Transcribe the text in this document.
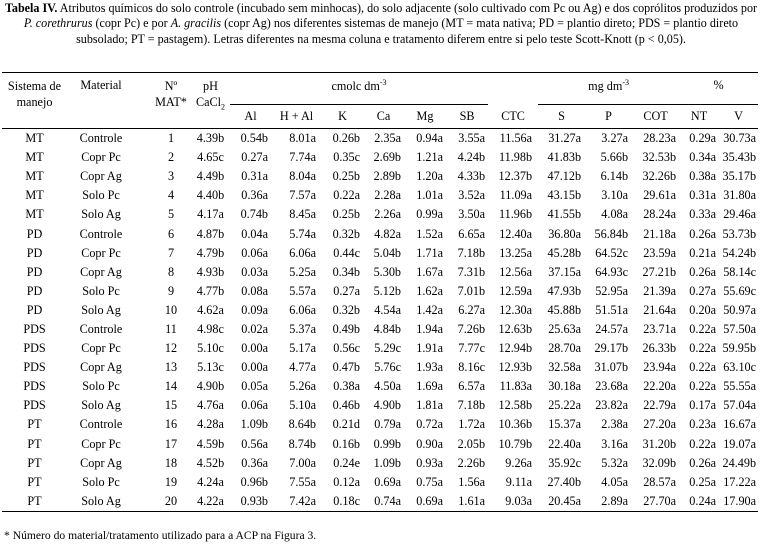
Tabela IV. Atributos químicos do solo controle (incubado sem minhocas), do solo adjacente (solo cultivado com Pc ou Ag) e dos coprólitos produzidos por P. corethrurus (copr Pc) e por A. gracilis (copr Ag) nos diferentes sistemas de manejo (MT = mata nativa; PD = plantio direto; PDS = plantio direto subsolado; PT = pastagem). Letras diferentes na mesma coluna e tratamento diferem entre si pelo teste Scott-Knott (p < 0,05).
Sistema de manejo	Material	Nº MAT*	pH CaCl$_2$	cmolc $dm^{-3}$							mg $dm^{-3}$			%	
				Al	H + Al	K	Ca	Mg	SB	CTC	S	P	COT	NT	V
MT	Controle	1	4.39b	0.54b	8.01a	0.26b	2.35a	0.94a	3.55a	11.56a	31.27a	3.27a	28.23a	0.29a	30.73a
MT	Copr Pc	2	4.65c	0.27a	7.74a	0.35c	2.69b	1.21a	4.24b	11.98b	41.83b	5.66b	32.53b	0.34a	35.43b
MT	Copr Ag	3	4.49b	0.31a	8.04a	0.25b	2.89b	1.20a	4.33b	12.37b	47.12b	6.14b	32.26b	0.38a	35.17b
MT	Solo Pc	4	4.40b	0.36a	7.57a	0.22a	2.28a	1.01a	3.52a	11.09a	43.15b	3.10a	29.61a	0.31a	31.80a
MT	Solo Ag	5	4.17a	0.74b	8.45a	0.25b	2.26a	0.99a	3.50a	11.96b	41.55b	4.08a	28.24a	0.33a	29.46a
PD	Controle	6	4.87b	0.04a	5.74a	0.32b	4.82a	1.52a	6.65a	12.40a	36.80a	56.84b	21.18a	0.26a	53.73b
PD	Copr Pc	7	4.79b	0.06a	6.06a	0.44c	5.04b	1.71a	7.18b	13.25a	45.28b	64.52c	23.59a	0.21a	54.24b
PD	Copr Ag	8	4.93b	0.03a	5.25a	0.34b	5.30b	1.67a	7.31b	12.56a	37.15a	64.93c	27.21b	0.26a	58.14c
PD	Solo Pc	9	4.77b	0.08a	5.57a	0.27a	5.12b	1.62a	7.01b	12.59a	47.93b	52.95a	21.39a	0.27a	55.69c
PD	Solo Ag	10	4.62a	0.09a	6.06a	0.32b	4.54a	1.42a	6.27a	12.30a	45.88b	51.51a	21.64a	0.20a	50.97a
PDS	Controle	11	4.98c	0.02a	5.37a	0.49b	4.84b	1.94a	7.26b	12.63b	25.63a	24.57a	23.71a	0.22a	57.50a
PDS	Copr Pc	12	5.10c	0.00a	5.17a	0.56c	5.29c	1.91a	7.77c	12.94b	28.70a	29.17b	26.33b	0.22a	59.95b
PDS	Copr Ag	13	5.13c	0.00a	4.77a	0.47b	5.76c	1.93a	8.16c	12.93b	32.58a	31.07b	23.94a	0.22a	63.10c
PDS	Solo Pc	14	4.90b	0.05a	5.26a	0.38a	4.50a	1.69a	6.57a	11.83a	30.18a	23.68a	22.20a	0.22a	55.55a
PDS	Solo Ag	15	4.76a	0.06a	5.10a	0.46b	4.90b	1.81a	7.18b	12.58b	25.22a	23.82a	22.79a	0.17a	57.04a
PT	Controle	16	4.28a	1.09b	8.64b	0.21d	0.79a	0.72a	1.72a	10.36b	15.37a	2.38a	27.20a	0.23a	16.67a
PT	Copr Pc	17	4.59b	0.56a	8.74b	0.16b	0.99b	0.90a	2.05b	10.79b	22.40a	3.16a	31.20b	0.22a	19.07a
PT	Copr Ag	18	4.52b	0.36a	7.00a	0.24e	1.09b	0.93a	2.26b	9.26a	35.92c	5.32a	32.09b	0.26a	24.49b
PT	Solo Pc	19	4.24a	0.96b	7.55a	0.12a	0.69a	0.75a	1.56a	9.11a	27.40b	4.05a	28.57a	0.25a	17.22a
PT	Solo Ag	20	4.22a	0.93b	7.42a	0.18c	0.74a	0.69a	1.61a	9.03a	20.45a	2.89a	27.70a	0.24a	17.90a
* Número do material/tratamento utilizado para a ACP na Figura 3.
